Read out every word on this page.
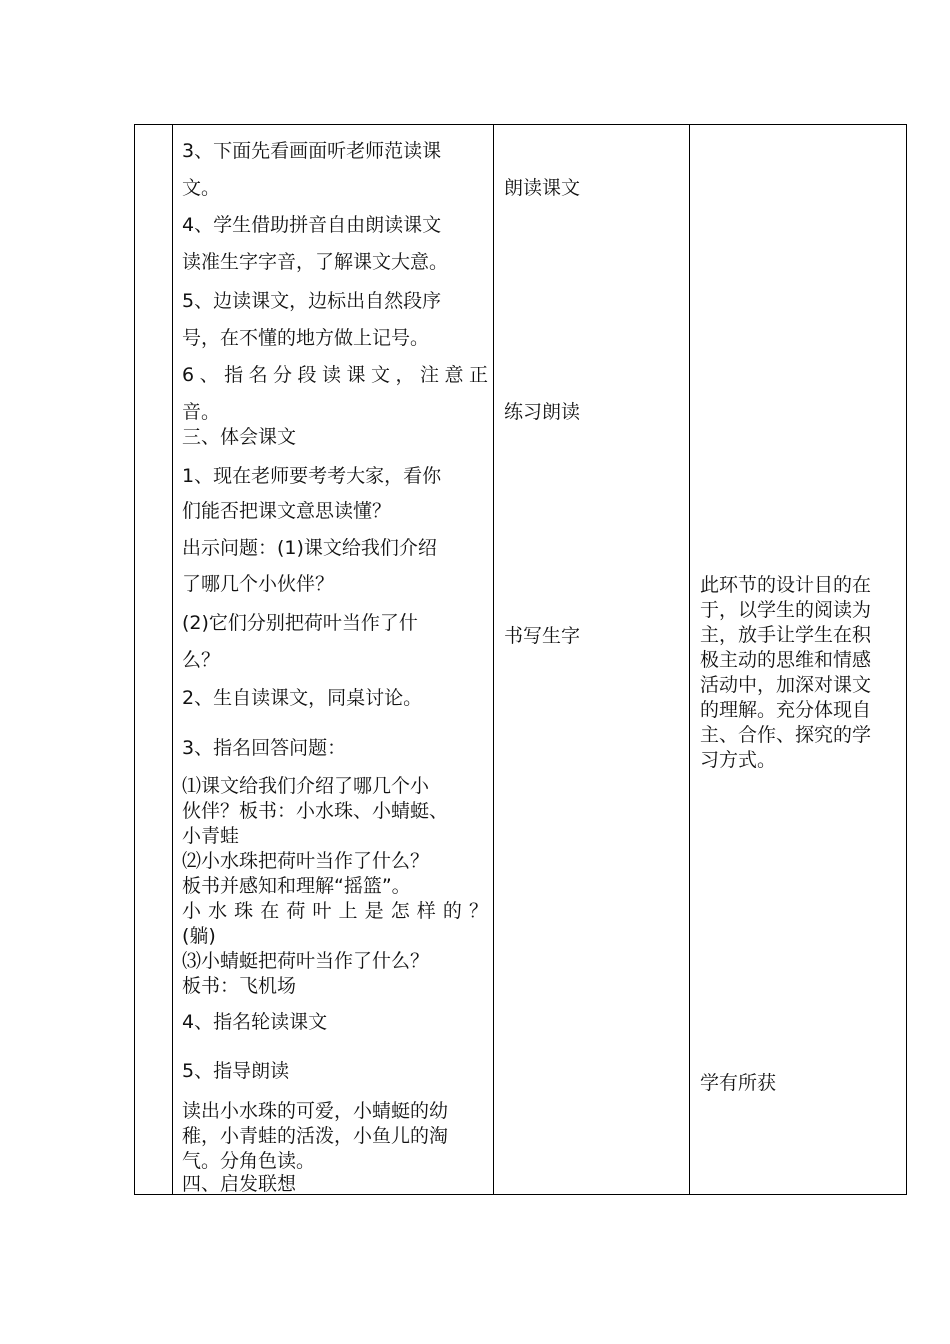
3、下面先看画面听老师范读课

文。

4、学生借助拼音自由朗读课文

读准生字字音，了解课文大意。

5、边读课文，边标出自然段序

号，在不懂的地方做上记号。

6、指名分段读课文，注意正

音。

三、体会课文

1、现在老师要考考大家，看你

们能否把课文意思读懂？

出示问题：(1)课文给我们介绍

了哪几个小伙伴？

(2)它们分别把荷叶当作了什

么？

2、生自读课文，同桌讨论。

3、指名回答问题：

⑴课文给我们介绍了哪几个小

伙伴？板书：小水珠、小蜻蜓、

小青蛙

⑵小水珠把荷叶当作了什么？

板书并感知和理解“摇篮”。

小水珠在荷叶上是怎样的？

(躺)

⑶小蜻蜓把荷叶当作了什么？

板书：飞机场

4、指名轮读课文

5、指导朗读

读出小水珠的可爱，小蜻蜓的幼

稚，小青蛙的活泼，小鱼儿的淘

气。分角色读。

四、启发联想

朗读课文

练习朗读

书写生字

此环节的设计目的在

于，以学生的阅读为

主，放手让学生在积

极主动的思维和情感

活动中，加深对课文

的理解。充分体现自

主、合作、探究的学

习方式。

学有所获
